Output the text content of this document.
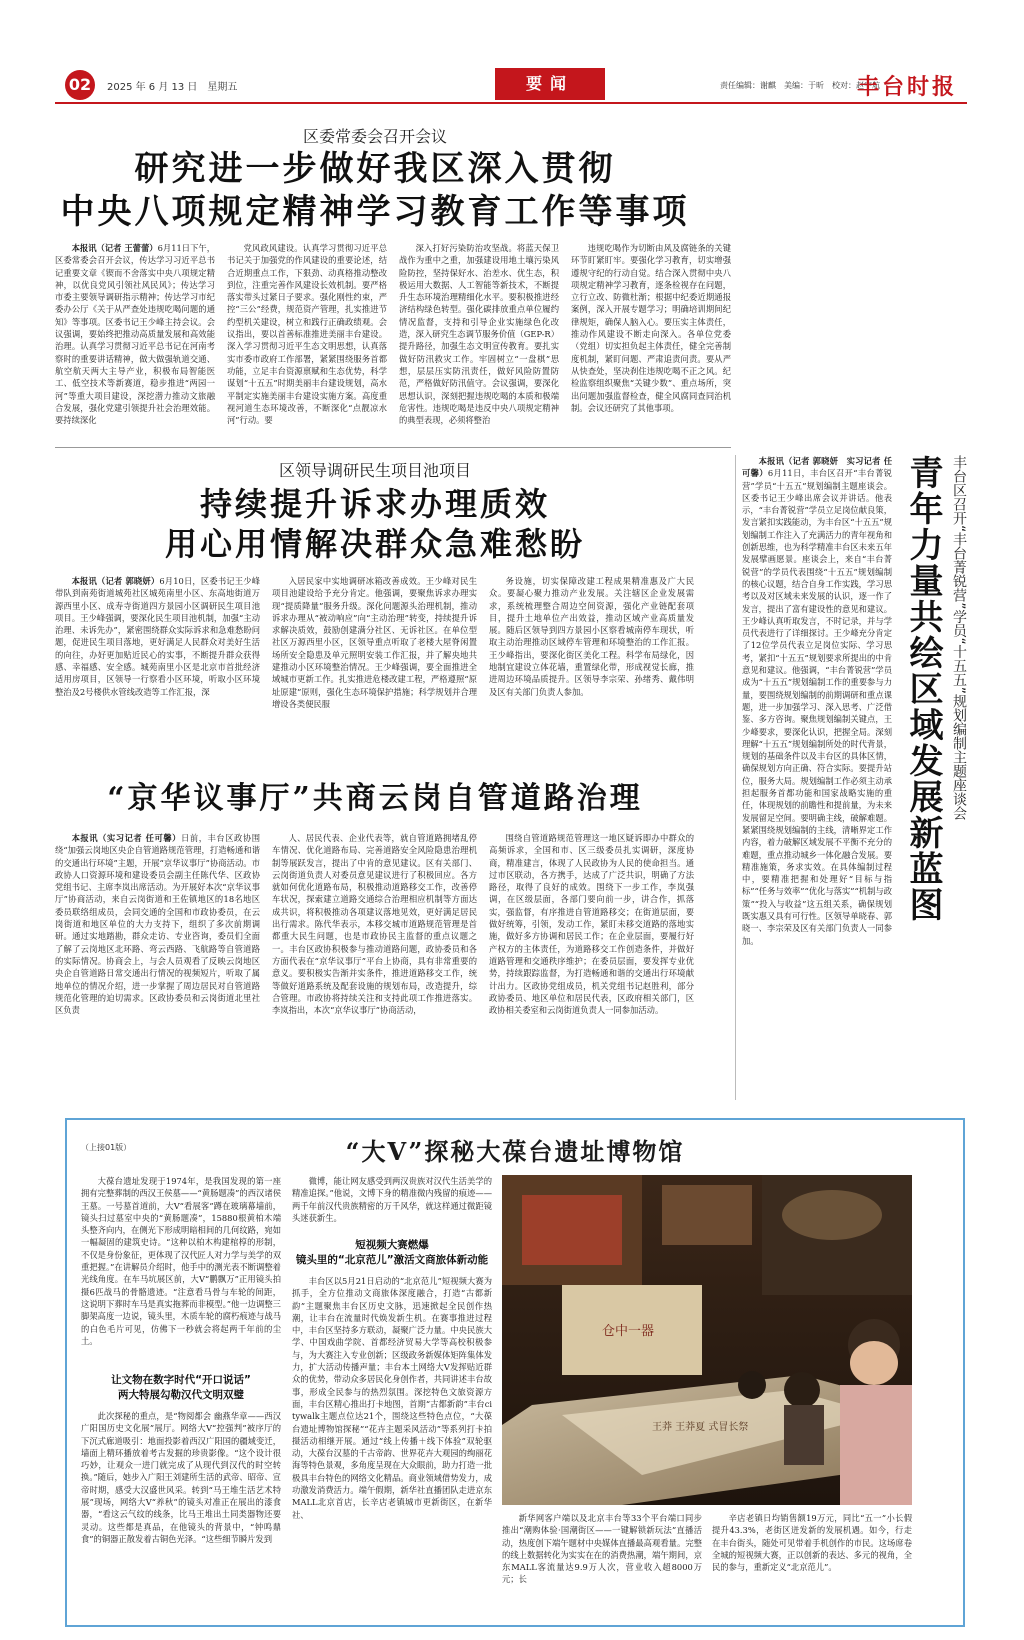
02	2025 年 6 月 13 日　星期五	要闻	责任编辑：谢麒　美编：于昕　校对：赵宇航
丰台时报
区委常委会召开会议
研究进一步做好我区深入贯彻
中央八项规定精神学习教育工作等事项
本报讯（记者 王蕾蕾）6月11日下午，区委常委会召开会议，传达学习习近平总书记重要文章《锲而不舍落实中央八项规定精神，以优良党风引领社风民风》；传达学习市委主要领导调研指示精神；传达学习市纪委办公厅《关于从严查处违规吃喝问题的通知》等事项。区委书记王少峰主持会议。会议强调，要始终把推动高质量发展和高效能治理。认真学习贯彻习近平总书记在河南考察时的重要讲话精神，做大做强轨道交通、航空航天两大主导产业，积极布局智能医工、低空技术等新赛道，稳步推进“两园一河”等重大项目建设，深挖潜力推动文旅融合发展，强化党建引领提升社会治理效能。要持续深化
党风政风建设。认真学习贯彻习近平总书记关于加强党的作风建设的重要论述，结合近期重点工作，下狠劲、动真格推动整改到位，注重完善作风建设长效机制。要严格落实带头过紧日子要求。强化刚性约束，严控“三公”经费，规范资产管理，扎实推进节约型机关建设，树立和践行正确政绩观。会议指出，要以首善标准推进美丽丰台建设。深入学习贯彻习近平生态文明思想，认真落实市委市政府工作部署，紧紧围绕服务首都功能，立足丰台资源禀赋和生态优势，科学谋划“十五五”时期美丽丰台建设规划，高水平制定实施美丽丰台建设实施方案。高度重视河道生态环境改善，不断深化“点靓凉水河”行动。要
深入打好污染防治攻坚战。将蓝天保卫战作为重中之重，加强建设用地土壤污染风险防控，坚持保好水、治差水、优生态，积极运用大数据、人工智能等新技术，不断提升生态环境治理精细化水平。要积极推进经济结构绿色转型。强化碳排放重点单位履约情况监督，支持和引导企业实施绿色化改造，深入研究生态调节服务价值（GEP-R）提升路径，加强生态文明宣传教育。要扎实做好防汛救灾工作。牢固树立“一盘棋”思想，层层压实防汛责任，做好风险防置防范，严格做好防汛值守。会议强调，要深化思想认识，深刻把握违规吃喝的本质和极端危害性。违规吃喝是违反中央八项规定精神的典型表现，必须将整治
违规吃喝作为切断由风及腐链条的关键环节盯紧盯牢。要强化学习教育，切实增强遵规守纪的行动自觉。结合深入贯彻中央八项规定精神学习教育，逐条检视存在问题，立行立改、防微杜渐；根据中纪委近期通报案例，深入开展专题学习；明确培训期间纪律规矩，确保人脑入心。要压实主体责任，推动作风建设不断走向深入。各单位党委（党组）切实担负起主体责任，健全完善制度机制，紧盯问题、严肃追责问责。要从严从快查处，坚决刹住违规吃喝不正之风。纪检监察组织聚焦“关键少数”、重点场所，突出问题加强监督检查，健全风腐同查同治机制。会议还研究了其他事项。
区领导调研民生项目池项目
持续提升诉求办理质效
用心用情解决群众急难愁盼
本报讯（记者 郭晓妍）6月10日，区委书记王少峰带队到南苑街道城苑社区城苑南里小区、东高地街道万源西里小区、成寿寺街道四方景园小区调研民生项目池项目。王少峰强调，要深化民生项目池机制，加强“主动治理、未诉先办”，紧密围绕群众实际诉求和急难愁盼问题，促进民生项目落地，更好满足人民群众对美好生活的向往，办好更加贴近民心的实事，不断提升群众获得感、幸福感、安全感。城苑南里小区是北京市首批经济适用房项目，区领导一行察看小区环境，听取小区环境整治及2号楼供水管线改造等工作汇报，深
入居民家中实地调研冰箱改善成效。王少峰对民生项目池建设给予充分肯定。他强调，要聚焦诉求办理实现“提质降量”服务升级。深化问题源头治理机制，推动诉求办理从“被动响应”向“主动治理”转变，持续提升诉求解决质效，鼓励创建满分社区、无诉社区。在单位型社区万源西里小区，区领导重点听取了老楼大屋脊闲置场所安全隐患及单元照明安装工作汇报，并了解央地共建推动小区环境整治情况。王少峰强调，要全面推进全域城市更新工作。扎实推进危楼改建工程，严格遵照“原址原建”原则，强化生态环境保护措施；科学规划并合理增设各类便民服
务设施，切实保障改建工程成果精准惠及广大民众。要凝心聚力推动产业发展。关注辖区企业发展需求，系统梳理整合周边空间资源，强化产业链配套项目，提升土地单位产出效益，推动区域产业高质量发展。随后区领导到四方景园小区察看城南停车现状，听取主动治理推动区域停车管理和环境整治的工作汇报。王少峰指出，要深化街区美化工程。科学布局绿化，因地制宜建设立体花墙，重置绿化带，形成视觉长廊，推进周边环境品质提升。区领导李宗荣、孙绪秀、戴伟明及区有关部门负责人参加。
“京华议事厅”共商云岗自管道路治理
本报讯（实习记者 任可馨）日前，丰台区政协围绕“加强云岗地区央企自管道路规范管理，打造畅通和谐的交通出行环境”主题，开展“京华议事厅”协商活动。市政协人口资源环境和建设委员会副主任陈代华、区政协党组书记、主席李岚出席活动。为开展好本次“京华议事厅”协商活动，来自云岗街道和王佐镇地区的18名地区委员联络组成员，会同交通的全国和市政协委员，在云岗街道和地区单位的大力支持下，组织了多次前期调研。通过实地踏勘，群众走访、专业咨询，委员们全面了解了云岗地区北环路、弯云西路、飞航路等自管道路的实际情况。协商会上，与会人员观看了反映云岗地区央企自管道路日常交通出行情况的视频短片，听取了属地单位的情况介绍，进一步掌握了周边居民对自管道路规范化管理的迫切需求。区政协委员和云岗街道北里社区负责
人、居民代表、企业代表等，就自管道路拥堵乱停车情况、优化道路布局、完善道路安全风险隐患治理机制等展跃发言，提出了中肯的意见建议。区有关部门、云岗街道负责人对委员意见建议进行了积极回应。各方就如何优化道路布局，积极推动道路移交工作，改善停车状况，探索建立道路交通综合治理相应机制等方面达成共识，将积极推动各项建议落地见效，更好满足居民出行需求。陈代华表示，本移交城市道路规范管理是首都重大民生问题，也是市政协民主监督的重点议题之一。丰台区政协积极参与推动道路问题，政协委员和各方面代表在“京华议事厅”平台上协商，具有非常重要的意义。要积极实告渐并实条件，推进道路移交工作，统等做好道路系统及配套设施的规划布局，改造提升，综合管理。市政协将持续关注和支持此项工作推进落实。李岚指出，本次“京华议事厅”协商活动，
围绕自管道路规范管理这一地区疑诉即办中群众的高频诉求，全国和市、区三级委员扎实调研，深度协商，精准建言，体现了人民政协为人民的使命担当。通过市区联动，各方携手，达成了广泛共识，明确了方法路径，取得了良好的成效。围绕下一步工作，李岚强调，在区级层面，各部门要向前一步，讲合作，抓落实，强监督，有序推进自管道路移交；在街道层面，要做好统筹，引领，发动工作，紧盯未移交道路的落地实施，做好多方协调和居民工作；在企业层面，要履行好产权方的主体责任，为道路移交工作创造条件，并做好道路管理和交通秩序维护；在委员层面，要发挥专业优势，持续跟踪监督，为打造畅通和谐的交通出行环境献计出力。区政协党组成员，机关党组书记赵胜利，部分政协委员、地区单位和居民代表，区政府相关部门，区政协相关委室和云岗街道负责人一同参加活动。
本报讯（记者 郭晓妍　实习记者 任可馨）6月11日，丰台区召开“丰台菁锐营”学员“十五五”规划编制主题座谈会。区委书记王少峰出席会议并讲话。他表示，“丰台菁锐营”学员立足岗位献良策，发言紧扣实践能动，为丰台区“十五五”规划编制工作注入了充满活力的青年视角和创新思维，也为科学精准丰台区未来五年发展擘画愿景。座谈会上，来自“丰台菁锐营”的学员代表围绕“十五五”规划编制的核心议题，结合自身工作实践，学习思考以及对区域未来发展的认识，逐一作了发言，提出了富有建设性的意见和建议。王少峰认真听取发言，不时记录，并与学员代表进行了详细探讨。王少峰充分肯定了12位学员代表立足岗位实际、学习思考，紧扣“十五五”规划要求所提出的中肯意见和建议。他强调，“丰台菁锐营”学员成为“十五五”规划编制工作的重要参与力量，要围绕规划编制的前期调研和重点课题，进一步加强学习、深入思考、广泛借鉴、多方咨询。聚焦规划编制关键点，王少峰要求，要深化认识，把握全局。深刻理解“十五五”规划编制所处的时代背景，规划的基础条件以及丰台区的具体区情，确保规划方向正确、符合实际。要提升站位，服务大局。规划编制工作必须主动承担起服务首都功能和国家战略实施的重任，体现规划的前瞻性和提前量，为未来发展留足空间。要明确主线，破解难题。紧紧围绕规划编制的主线，清晰界定工作内容，着力破解区域发展不平衡不充分的难题，重点推动城乡一体化融合发展。要精准施策，务求实效。在具体编制过程中，要精准把握和处理好“目标与指标”“任务与效率”“优化与落实”“机制与政策”“投入与收益”这五组关系，确保规划既实惠又具有可行性。区领导单晓春、郭晓一、李宗荣及区有关部门负责人一同参加。
青年力量共绘区域发展新蓝图 丰台区召开“丰台菁锐营”学员“十五五”规划编制主题座谈会
（上接01版）	“大V”探秘大葆台遗址博物馆
大葆台遗址发现于1974年，是我国发现的第一座拥有完整葬制的西汉王侯墓——“黄肠题凑”的西汉诸侯王墓。一号墓首道前，大V“看展客”蹲在玻璃幕墙前，镜头扫过墓室中央的“黄肠题凑”，15880根黄柏木端头整齐向内，在侧光下形成明暗相间的几何纹路，宛如一幅凝固的建筑史诗。“这种以柏木构建棺椁的形制，不仅是身份象征，更体现了汉代匠人对力学与美学的双重把握。”在讲解员介绍时，他手中的测光表不断调整着光线角度。在车马坑展区前，大V“鹏飘万”正用镜头拍摄6匹战马的骨骼遗迹。“注意看马骨与车轮的间距，这说明下葬时车马是真实拖葬而非模型。”他一边调整三脚架高度一边说，镜头里，木质车轮的腐朽痕迹与战马的白色毛片可见，仿佛下一秒就会将起两千年前的尘土。
让文物在数字时代“开口说话”
两大特展勾勒汉代文明双璧
此次探秘的重点，是“物阅都会 幽燕华章——西汉广阳国历史文化展”展厅。网络大V“控强判”被序厅的下沉式廊道吸引：地面投影着西汉广阳国的疆域变迁，墙面上精环播放着考古发掘的珍贵影像。“这个设计很巧妙，让观众一进门就完成了从现代到汉代的时空转换。”随后，她步入广阳王刘建所生活的武帝、昭帝、宣帝时期，感受大汉盛世风采。转到“马王堆生活艺术特展”现场，网络大V“养秋”的镜头对准正在展出的漆食器，“看这云气纹的线条，比马王堆出土同类器物还要灵动。这些都是真品，在他镜头的背景中，“钟鸣鼎食”的铜器正散发着古铜色光泽。“这些细节瞬片发到
微博，能让网友感受到两汉贵族对汉代生活美学的精准追探。”他说，文博下身的精准微内残留的痕迹——两千年前汉代贵族精密的万千风华，就这样通过微距镜头迷获新生。
短视频大赛燃爆
镜头里的“北京范儿”激活文商旅体新动能
丰台区以5月21日启动的“北京范儿”短视频大赛为抓手，全方位推动文商旅体深度融合，打造“古都新韵”主题聚焦丰台区历史文脉，迅速掀起全民创作热潮，让丰台在流量时代焕发新生机。在赛事推进过程中，丰台区坚持多方联动，凝聚广泛力量。中央民族大学、中国戏曲学院、首都经济贸易大学等高校积极参与，为大赛注入专业创新；区级政务新媒体矩阵集体发力，扩大活动传播声量；丰台本土网络大V发挥贴近群众的优势，带动众多居民化身创作者，共同讲述丰台故事，形成全民参与的热烈氛围。深挖特色文旅资源方面，丰台区精心推出打卡地图，首期“古都新韵”丰台citywalk主题点位达21个，围绕这些特色点位，“大葆台遗址博物馆探秘”“花卉主题采风活动”等系列打卡拍摄活动相继开展。通过“线上传播＋线下体验”双轮驱动，大葆台汉墓的千古帝韵、世界花卉大观园的绚丽花海等特色景观，多角度呈现在大众眼前，助力打造一批极具丰台特色的网络文化精品。商业领域借势发力，成功激发消费活力。端午假期，新华社直播团队走进京东MALL北京首店，长辛店老镇城市更新街区，在新华社、
仓中一器
王莽 王莽夏 式冒长祭
新华网客户端以及北京丰台等33个平台端口同步推出“潮购体验·国潮街区——一键解锁新玩法”直播活动，热度创下端午题材中央媒体直播最高观看量。完整的线上数据转化为实实在在的消费热潮，端午期间，京东MALL客流量达9.9万人次，营业收入超8000万元；长
辛店老镇日均销售额19万元，同比“五一”小长假提升43.3%，老街区迸发新的发展机遇。如今，行走在丰台街头，随处可见带着手机创作的市民。这场席卷全城的短视频大赛，正以创新的表达、多元的视角，全民的参与，重新定义“北京范儿”。
